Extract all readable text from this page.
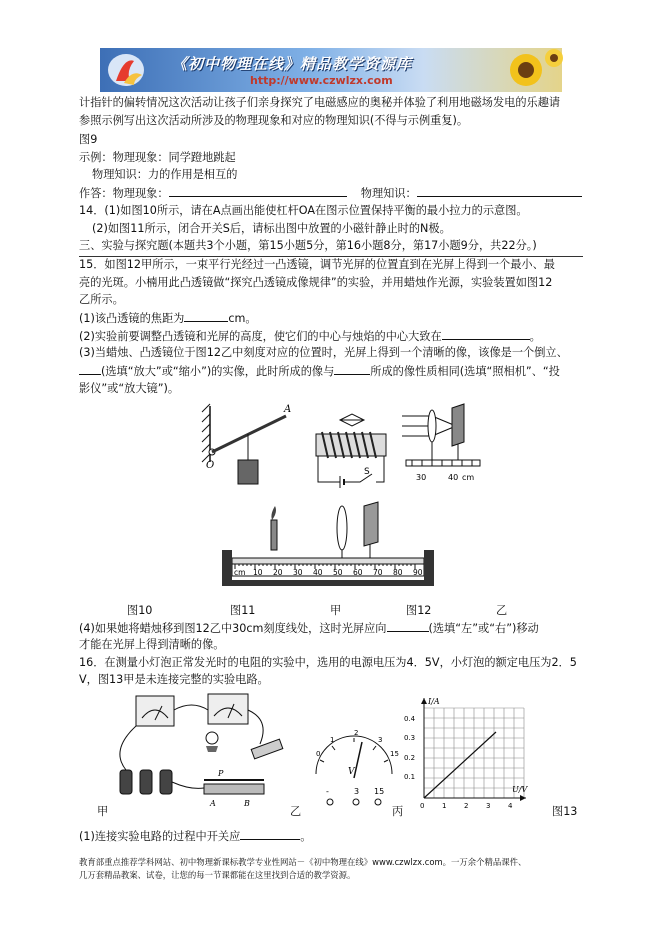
《初中物理在线》精品教学资源库
http://www.czwlzx.com
计指针的偏转情况这次活动让孩子们亲身探究了电磁感应的奥秘并体验了利用地磁场发电的乐趣请
参照示例写出这次活动所涉及的物理现象和对应的物理知识(不得与示例重复)。
图9
示例：物理现象：同学蹬地跳起
物理知识：力的作用是相互的
作答：物理现象：	物理知识：
14．(1)如图10所示，请在A点画出能使杠杆OA在图示位置保持平衡的最小拉力的示意图。
(2)如图11所示，闭合开关S后，请标出图中放置的小磁针静止时的N极。
三、实验与探究题(本题共3个小题，第15小题5分，第16小题8分，第17小题9分，共22分。)
15．如图12甲所示，一束平行光经过一凸透镜，调节光屏的位置直到在光屏上得到一个最小、最
亮的光斑。小楠用此凸透镜做“探究凸透镜成像规律”的实验，并用蜡烛作光源，实验装置如图12
乙所示。
(1)该凸透镜的焦距为	cm。
(2)实验前要调整凸透镜和光屏的高度，使它们的中心与烛焰的中心大致在	。
(3)当蜡烛、凸透镜位于图12乙中刻度对应的位置时，光屏上得到一个清晰的像，该像是一个倒立、
(选填“放大”或“缩小”)的实像，此时所成的像与	所成的像性质相同(选填“照相机”、“投
影仪”或“放大镜”)。
A
O
S
30	40 cm
cm 10 20 30 40 50 60 70 80 90
图10	图11	甲	图12	乙
(4)如果她将蜡烛移到图12乙中30cm刻度线处，这时光屏应向	(选填“左”或“右”)移动
才能在光屏上得到清晰的像。
16．在测量小灯泡正常发光时的电阻的实验中，选用的电源电压为4．5V，小灯泡的额定电压为2．5
V，图13甲是未连接完整的实验电路。
P
A	B
0
1
2
3
15
V
-	3 15
I/A
U/V
0.4
0.3
0.2
0.1
0	1	2	3	4
甲	乙	丙	图13
(1)连接实验电路的过程中开关应	。
教育部重点推荐学科网站、初中物理新课标教学专业性网站－《初中物理在线》www.czwlzx.com。一万余个精品课件、
几万套精品教案、试卷，让您的每一节课都能在这里找到合适的教学资源。
